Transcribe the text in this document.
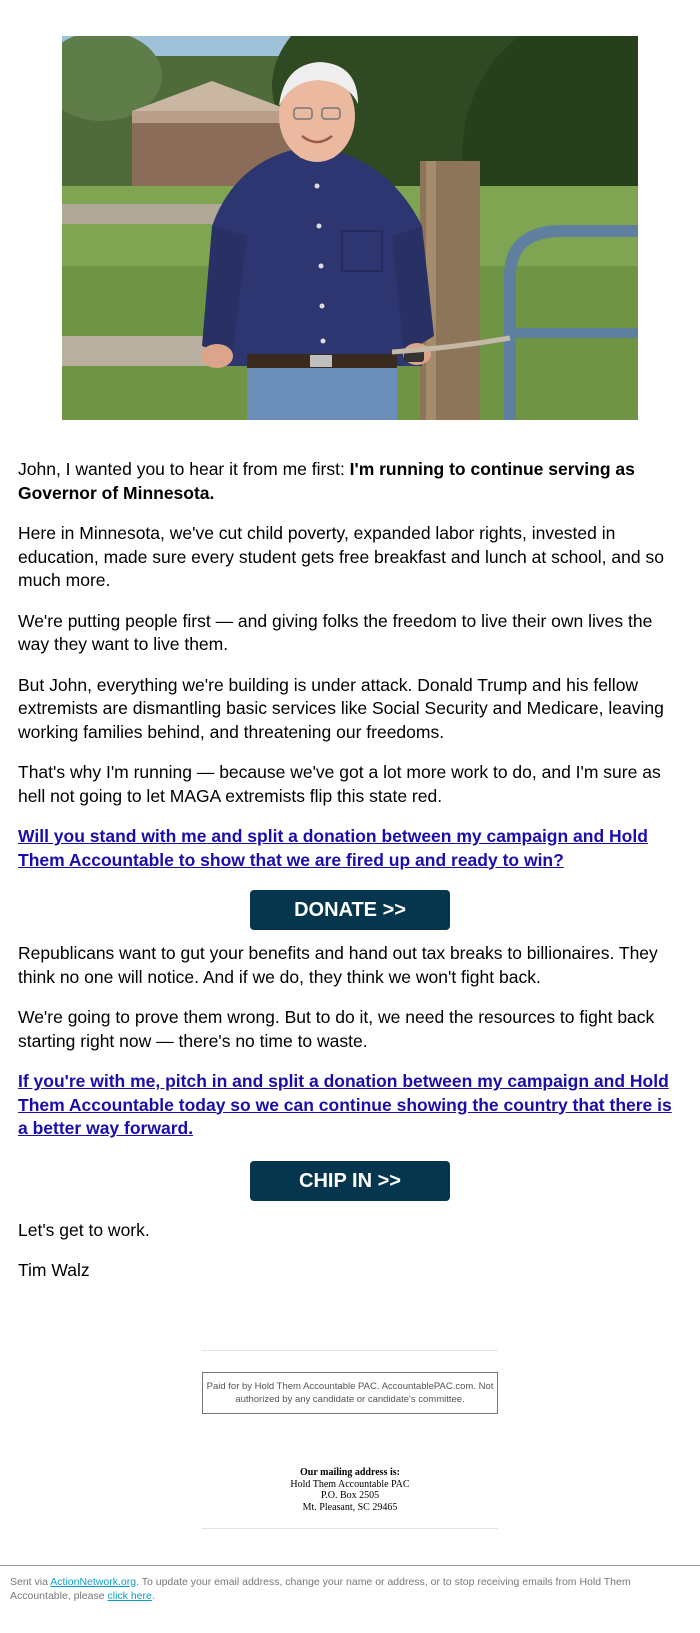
John, I wanted you to hear it from me first: I'm running to continue serving as Governor of Minnesota.

Here in Minnesota, we've cut child poverty, expanded labor rights, invested in education, made sure every student gets free breakfast and lunch at school, and so much more.

We're putting people first — and giving folks the freedom to live their own lives the way they want to live them.

But John, everything we're building is under attack. Donald Trump and his fellow extremists are dismantling basic services like Social Security and Medicare, leaving working families behind, and threatening our freedoms.

That's why I'm running — because we've got a lot more work to do, and I'm sure as hell not going to let MAGA extremists flip this state red.

Will you stand with me and split a donation between my campaign and Hold Them Accountable to show that we are fired up and ready to win?
DONATE >>

Republicans want to gut your benefits and hand out tax breaks to billionaires. They think no one will notice. And if we do, they think we won't fight back.

We're going to prove them wrong. But to do it, we need the resources to fight back starting right now — there's no time to waste.

If you're with me, pitch in and split a donation between my campaign and Hold Them Accountable today so we can continue showing the country that there is a better way forward.
CHIP IN >>

Let's get to work.

Tim Walz

Paid for by Hold Them Accountable PAC. AccountablePAC.com. Not authorized by any candidate or candidate's committee.
Our mailing address is:
Hold Them Accountable PAC
P.O. Box 2505
Mt. Pleasant, SC 29465
Sent via ActionNetwork.org. To update your email address, change your name or address, or to stop receiving emails from Hold Them Accountable, please click here.
